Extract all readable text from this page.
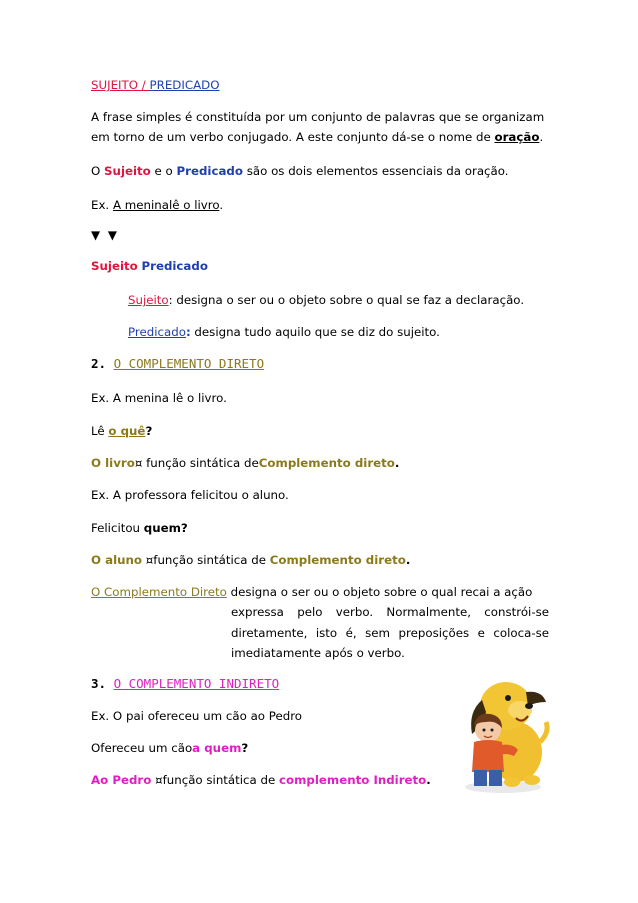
SUJEITO / PREDICADO
A frase simples é constituída por um conjunto de palavras que se organizam
em torno de um verbo conjugado. A este conjunto dá-se o nome de oração.
O Sujeito e o Predicado são os dois elementos essenciais da oração.
Ex. A meninalê o livro.
▼ ▼
Sujeito Predicado
Sujeito: designa o ser ou o objeto sobre o qual se faz a declaração.
Predicado: designa tudo aquilo que se diz do sujeito.
2. O COMPLEMENTO DIRETO
Ex. A menina lê o livro.
Lê o quê?
O livro¤ função sintática deComplemento direto.
Ex. A professora felicitou o aluno.
Felicitou quem?
O aluno ¤função sintática de Complemento direto.
O Complemento Direto designa o ser ou o objeto sobre o qual recai a ação
expressa pelo verbo. Normalmente, constrói-se diretamente, isto é, sem preposições e coloca-se imediatamente após o verbo.
3. O COMPLEMENTO INDIRETO
Ex. O pai ofereceu um cão ao Pedro
Ofereceu um cãoa quem?
Ao Pedro ¤função sintática de complemento Indireto.
